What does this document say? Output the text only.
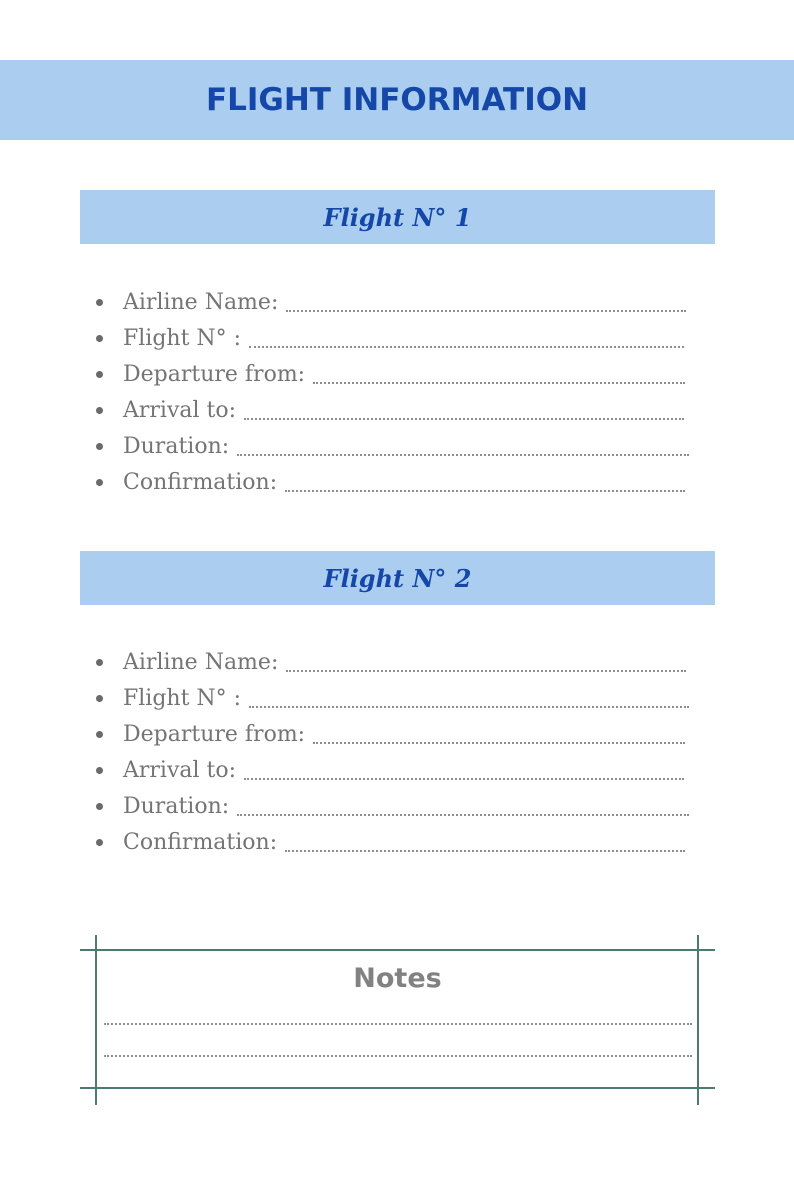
FLIGHT INFORMATION
Flight N° 1
Airline Name:
Flight N° :
Departure from:
Arrival to:
Duration:
Confirmation:
Flight N° 2
Airline Name:
Flight N° :
Departure from:
Arrival to:
Duration:
Confirmation:
Notes
